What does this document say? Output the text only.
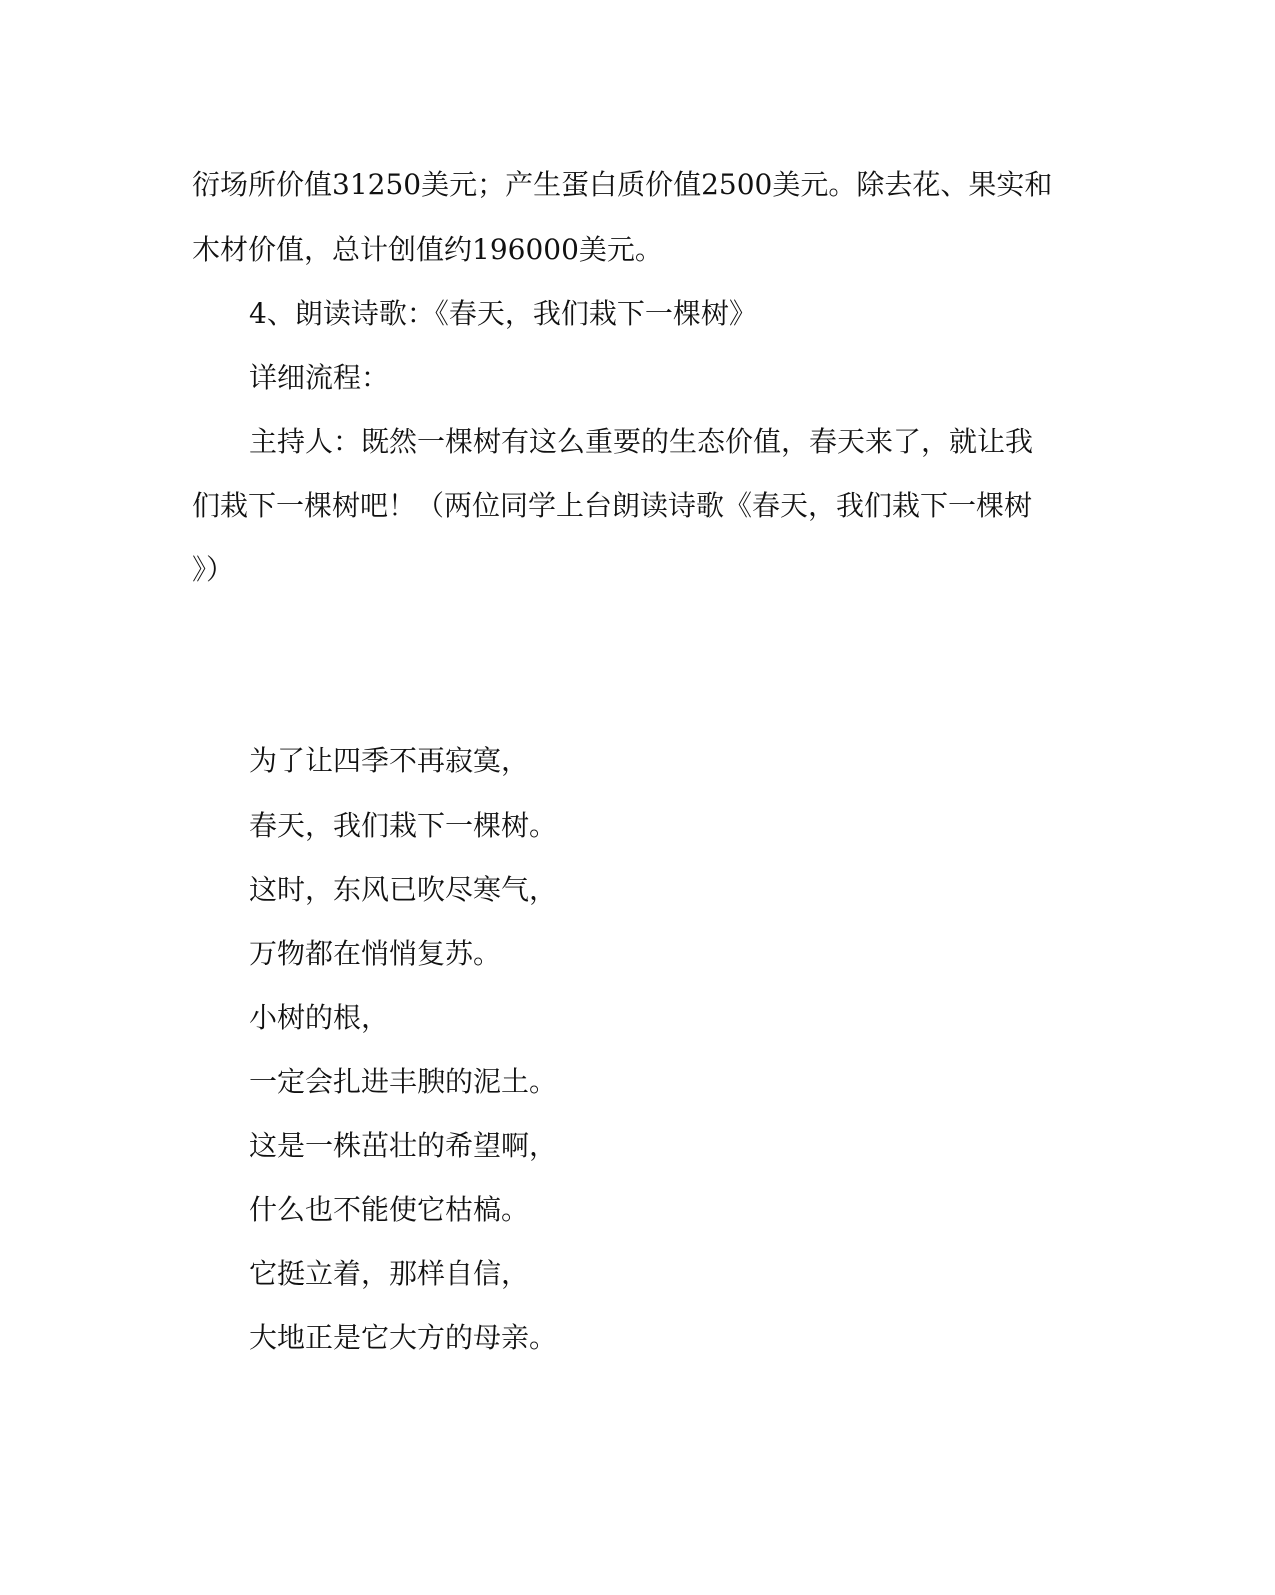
衍场所价值31250美元；产生蛋白质价值2500美元。除去花、果实和
木材价值，总计创值约196000美元。
4、朗读诗歌：《春天，我们栽下一棵树》
详细流程：
主持人：既然一棵树有这么重要的生态价值，春天来了，就让我
们栽下一棵树吧！（两位同学上台朗读诗歌《春天，我们栽下一棵树
》）
为了让四季不再寂寞，
春天，我们栽下一棵树。
这时，东风已吹尽寒气，
万物都在悄悄复苏。
小树的根，
一定会扎进丰腴的泥土。
这是一株茁壮的希望啊，
什么也不能使它枯槁。
它挺立着，那样自信，
大地正是它大方的母亲。
